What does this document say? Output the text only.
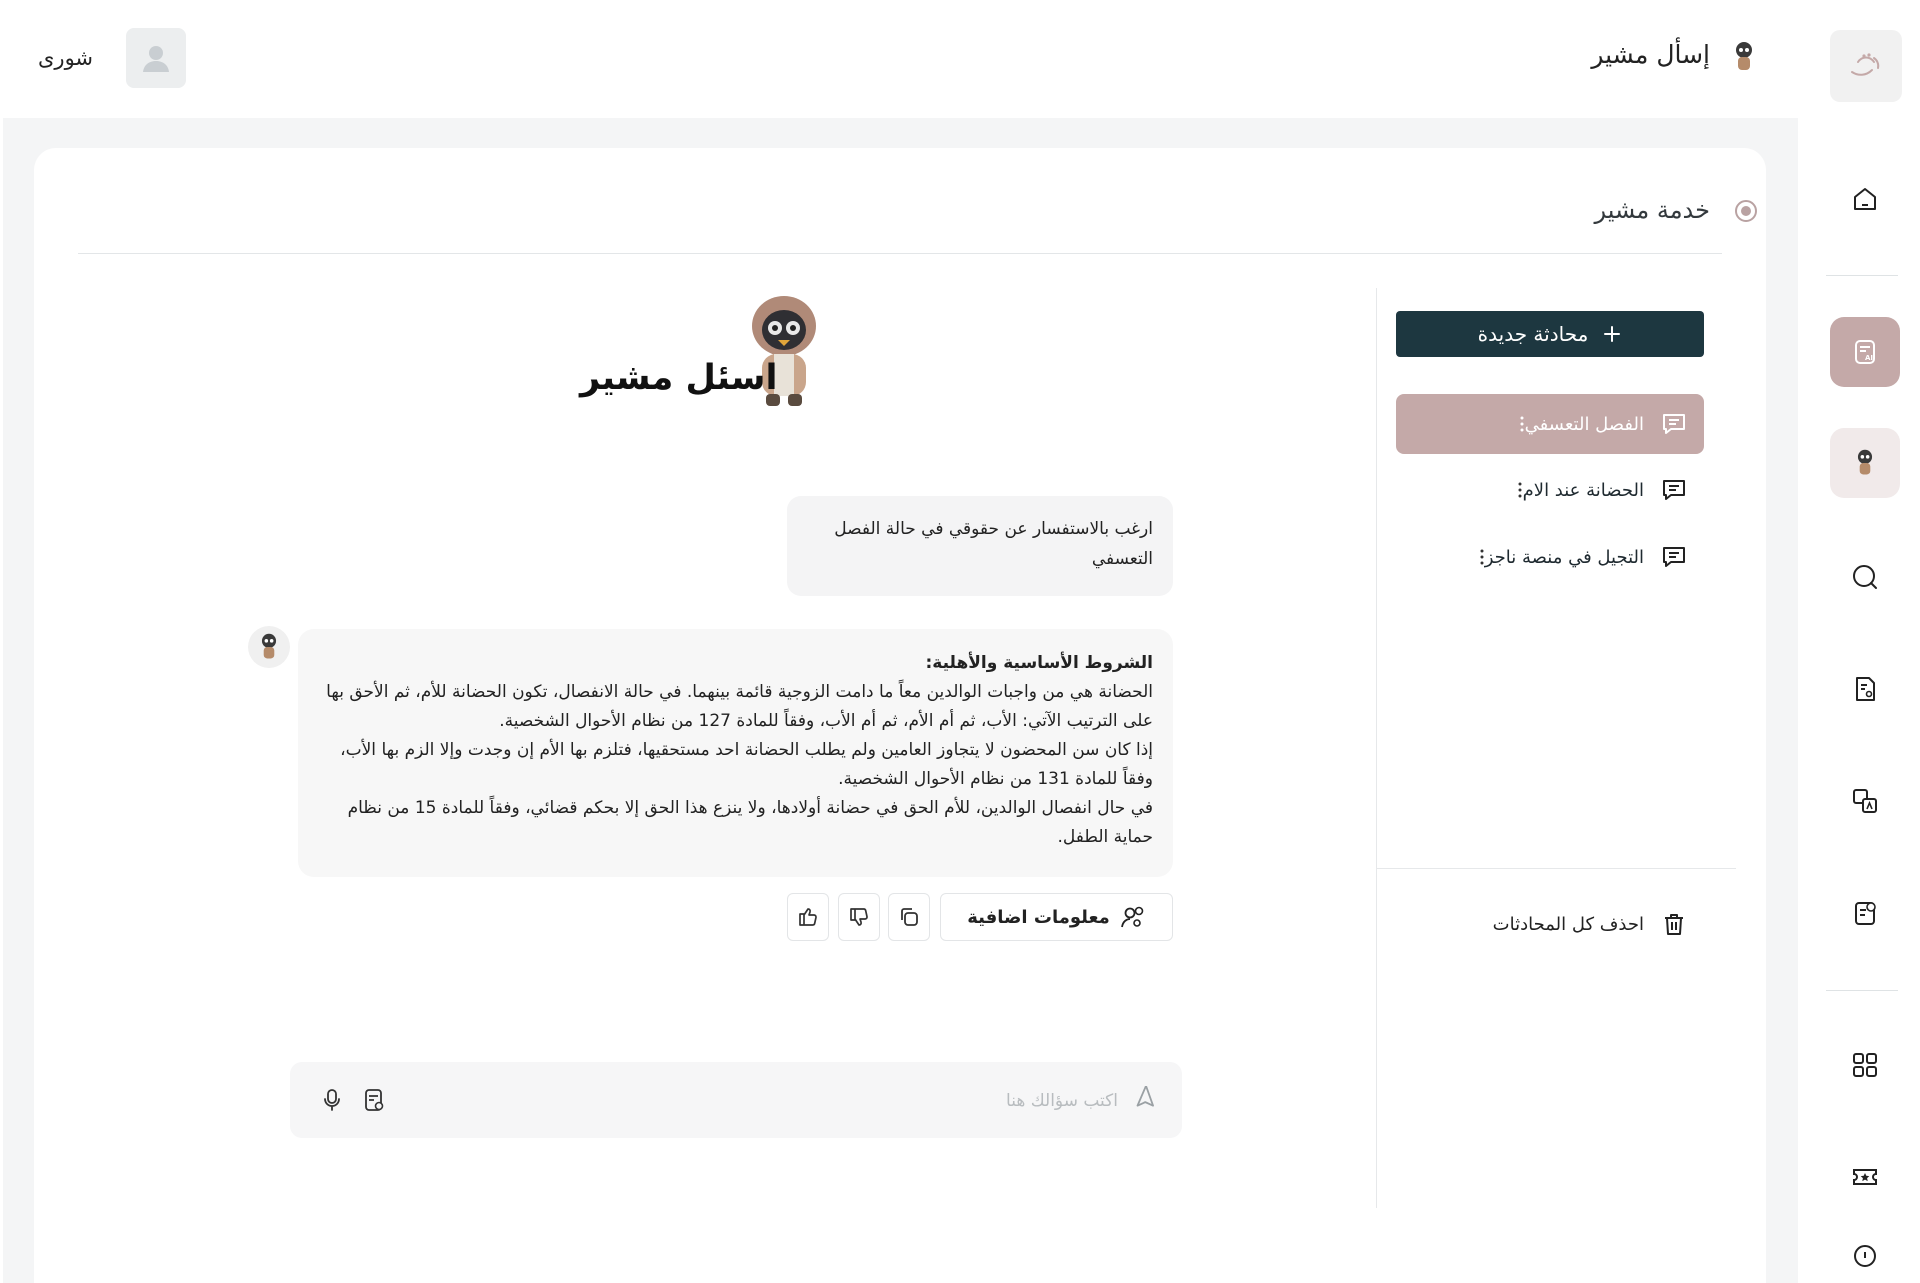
شورى	إسأل مشير
AI
خدمة مشير
محادثة جديدة
الفصل التعسفي
الحضانة عند الام
التجيل في منصة ناجز
احذف كل المحادثات
اسئل مشير
ارغب بالاستفسار عن حقوقي في حالة الفصل التعسفي
الشروط الأساسية والأهلية:
الحضانة هي من واجبات الوالدين معاً ما دامت الزوجية قائمة بينهما. في حالة الانفصال، تكون الحضانة للأم، ثم الأحق بها على الترتيب الآتي: الأب، ثم أم الأم، ثم أم الأب، وفقاً للمادة 127 من نظام الأحوال الشخصية.
إذا كان سن المحضون لا يتجاوز العامين ولم يطلب الحضانة احد مستحقيها، فتلزم بها الأم إن وجدت وإلا الزم بها الأب، وفقاً للمادة 131 من نظام الأحوال الشخصية.
في حال انفصال الوالدين، للأم الحق في حضانة أولادها، ولا ينزع هذا الحق إلا بحكم قضائي، وفقاً للمادة 15 من نظام حماية الطفل.
معلومات اضافية
اكتب سؤالك هنا
